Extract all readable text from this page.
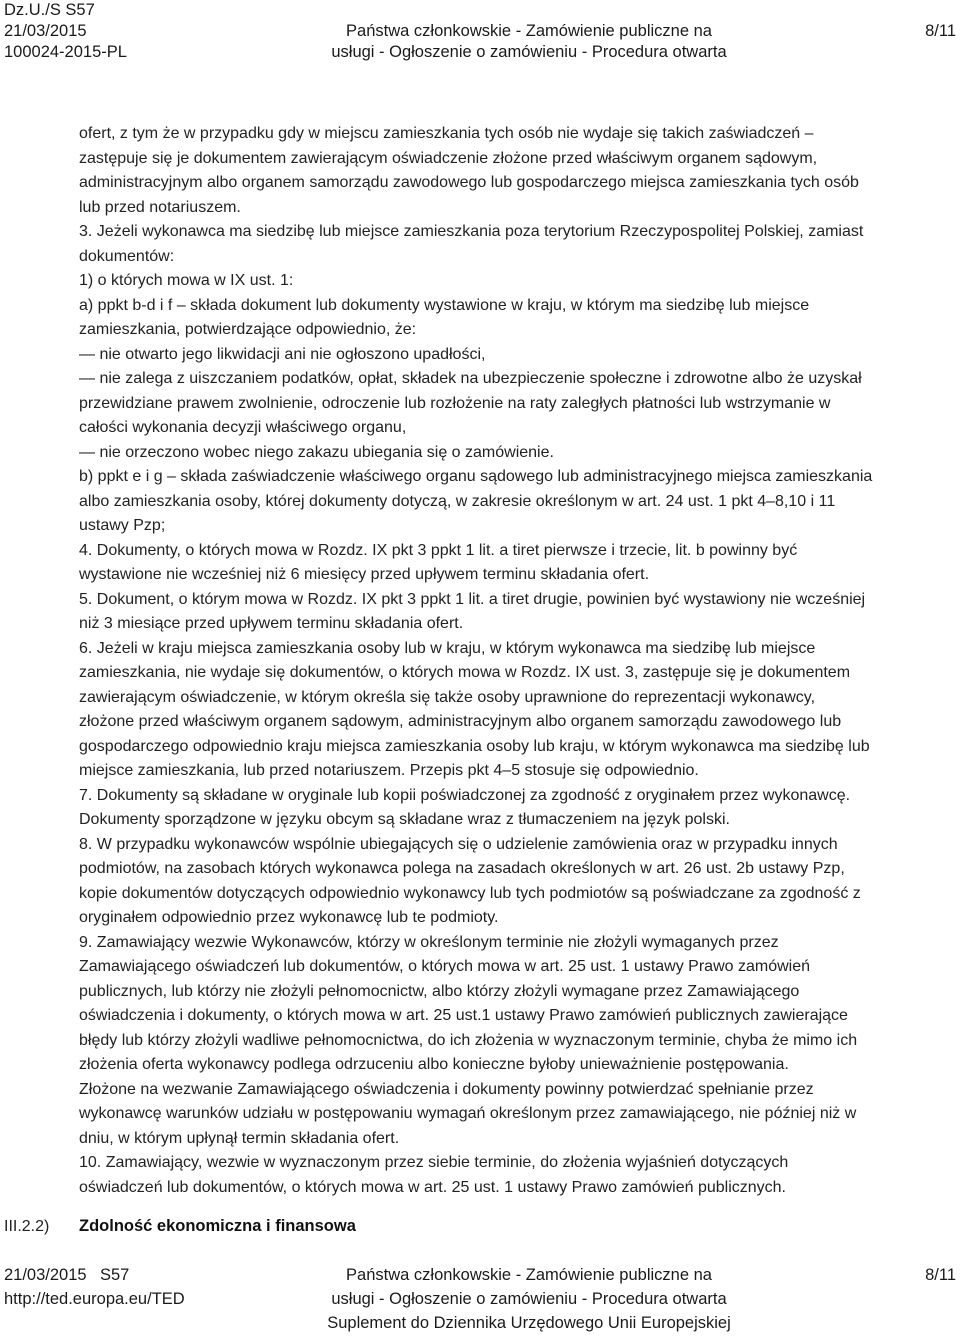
Dz.U./S S57
21/03/2015
100024-2015-PL
Państwa członkowskie - Zamówienie publiczne na
usługi - Ogłoszenie o zamówieniu - Procedura otwarta
8/11

ofert, z tym że w przypadku gdy w miejscu zamieszkania tych osób nie wydaje się takich zaświadczeń –

zastępuje się je dokumentem zawierającym oświadczenie złożone przed właściwym organem sądowym,

administracyjnym albo organem samorządu zawodowego lub gospodarczego miejsca zamieszkania tych osób

lub przed notariuszem.

3. Jeżeli wykonawca ma siedzibę lub miejsce zamieszkania poza terytorium Rzeczypospolitej Polskiej, zamiast

dokumentów:

1) o których mowa w IX ust. 1:

a) ppkt b-d i f – składa dokument lub dokumenty wystawione w kraju, w którym ma siedzibę lub miejsce

zamieszkania, potwierdzające odpowiednio, że:

— nie otwarto jego likwidacji ani nie ogłoszono upadłości,

— nie zalega z uiszczaniem podatków, opłat, składek na ubezpieczenie społeczne i zdrowotne albo że uzyskał

przewidziane prawem zwolnienie, odroczenie lub rozłożenie na raty zaległych płatności lub wstrzymanie w

całości wykonania decyzji właściwego organu,

— nie orzeczono wobec niego zakazu ubiegania się o zamówienie.

b) ppkt e i g – składa zaświadczenie właściwego organu sądowego lub administracyjnego miejsca zamieszkania

albo zamieszkania osoby, której dokumenty dotyczą, w zakresie określonym w art. 24 ust. 1 pkt 4–8,10 i 11

ustawy Pzp;

4. Dokumenty, o których mowa w Rozdz. IX pkt 3 ppkt 1 lit. a tiret pierwsze i trzecie, lit. b powinny być

wystawione nie wcześniej niż 6 miesięcy przed upływem terminu składania ofert.

5. Dokument, o którym mowa w Rozdz. IX pkt 3 ppkt 1 lit. a tiret drugie, powinien być wystawiony nie wcześniej

niż 3 miesiące przed upływem terminu składania ofert.

6. Jeżeli w kraju miejsca zamieszkania osoby lub w kraju, w którym wykonawca ma siedzibę lub miejsce

zamieszkania, nie wydaje się dokumentów, o których mowa w Rozdz. IX ust. 3, zastępuje się je dokumentem

zawierającym oświadczenie, w którym określa się także osoby uprawnione do reprezentacji wykonawcy,

złożone przed właściwym organem sądowym, administracyjnym albo organem samorządu zawodowego lub

gospodarczego odpowiednio kraju miejsca zamieszkania osoby lub kraju, w którym wykonawca ma siedzibę lub

miejsce zamieszkania, lub przed notariuszem. Przepis pkt 4–5 stosuje się odpowiednio.

7. Dokumenty są składane w oryginale lub kopii poświadczonej za zgodność z oryginałem przez wykonawcę.

Dokumenty sporządzone w języku obcym są składane wraz z tłumaczeniem na język polski.

8. W przypadku wykonawców wspólnie ubiegających się o udzielenie zamówienia oraz w przypadku innych

podmiotów, na zasobach których wykonawca polega na zasadach określonych w art. 26 ust. 2b ustawy Pzp,

kopie dokumentów dotyczących odpowiednio wykonawcy lub tych podmiotów są poświadczane za zgodność z

oryginałem odpowiednio przez wykonawcę lub te podmioty.

9. Zamawiający wezwie Wykonawców, którzy w określonym terminie nie złożyli wymaganych przez

Zamawiającego oświadczeń lub dokumentów, o których mowa w art. 25 ust. 1 ustawy Prawo zamówień

publicznych, lub którzy nie złożyli pełnomocnictw, albo którzy złożyli wymagane przez Zamawiającego

oświadczenia i dokumenty, o których mowa w art. 25 ust.1 ustawy Prawo zamówień publicznych zawierające

błędy lub którzy złożyli wadliwe pełnomocnictwa, do ich złożenia w wyznaczonym terminie, chyba że mimo ich

złożenia oferta wykonawcy podlega odrzuceniu albo konieczne byłoby unieważnienie postępowania.

Złożone na wezwanie Zamawiającego oświadczenia i dokumenty powinny potwierdzać spełnianie przez

wykonawcę warunków udziału w postępowaniu wymagań określonym przez zamawiającego, nie później niż w

dniu, w którym upłynął termin składania ofert.

10. Zamawiający, wezwie w wyznaczonym przez siebie terminie, do złożenia wyjaśnień dotyczących

oświadczeń lub dokumentów, o których mowa w art. 25 ust. 1 ustawy Prawo zamówień publicznych.

III.2.2) Zdolność ekonomiczna i finansowa
21/03/2015 S57
http://ted.europa.eu/TED
Państwa członkowskie - Zamówienie publiczne na
usługi - Ogłoszenie o zamówieniu - Procedura otwarta
Suplement do Dziennika Urzędowego Unii Europejskiej
8/11
